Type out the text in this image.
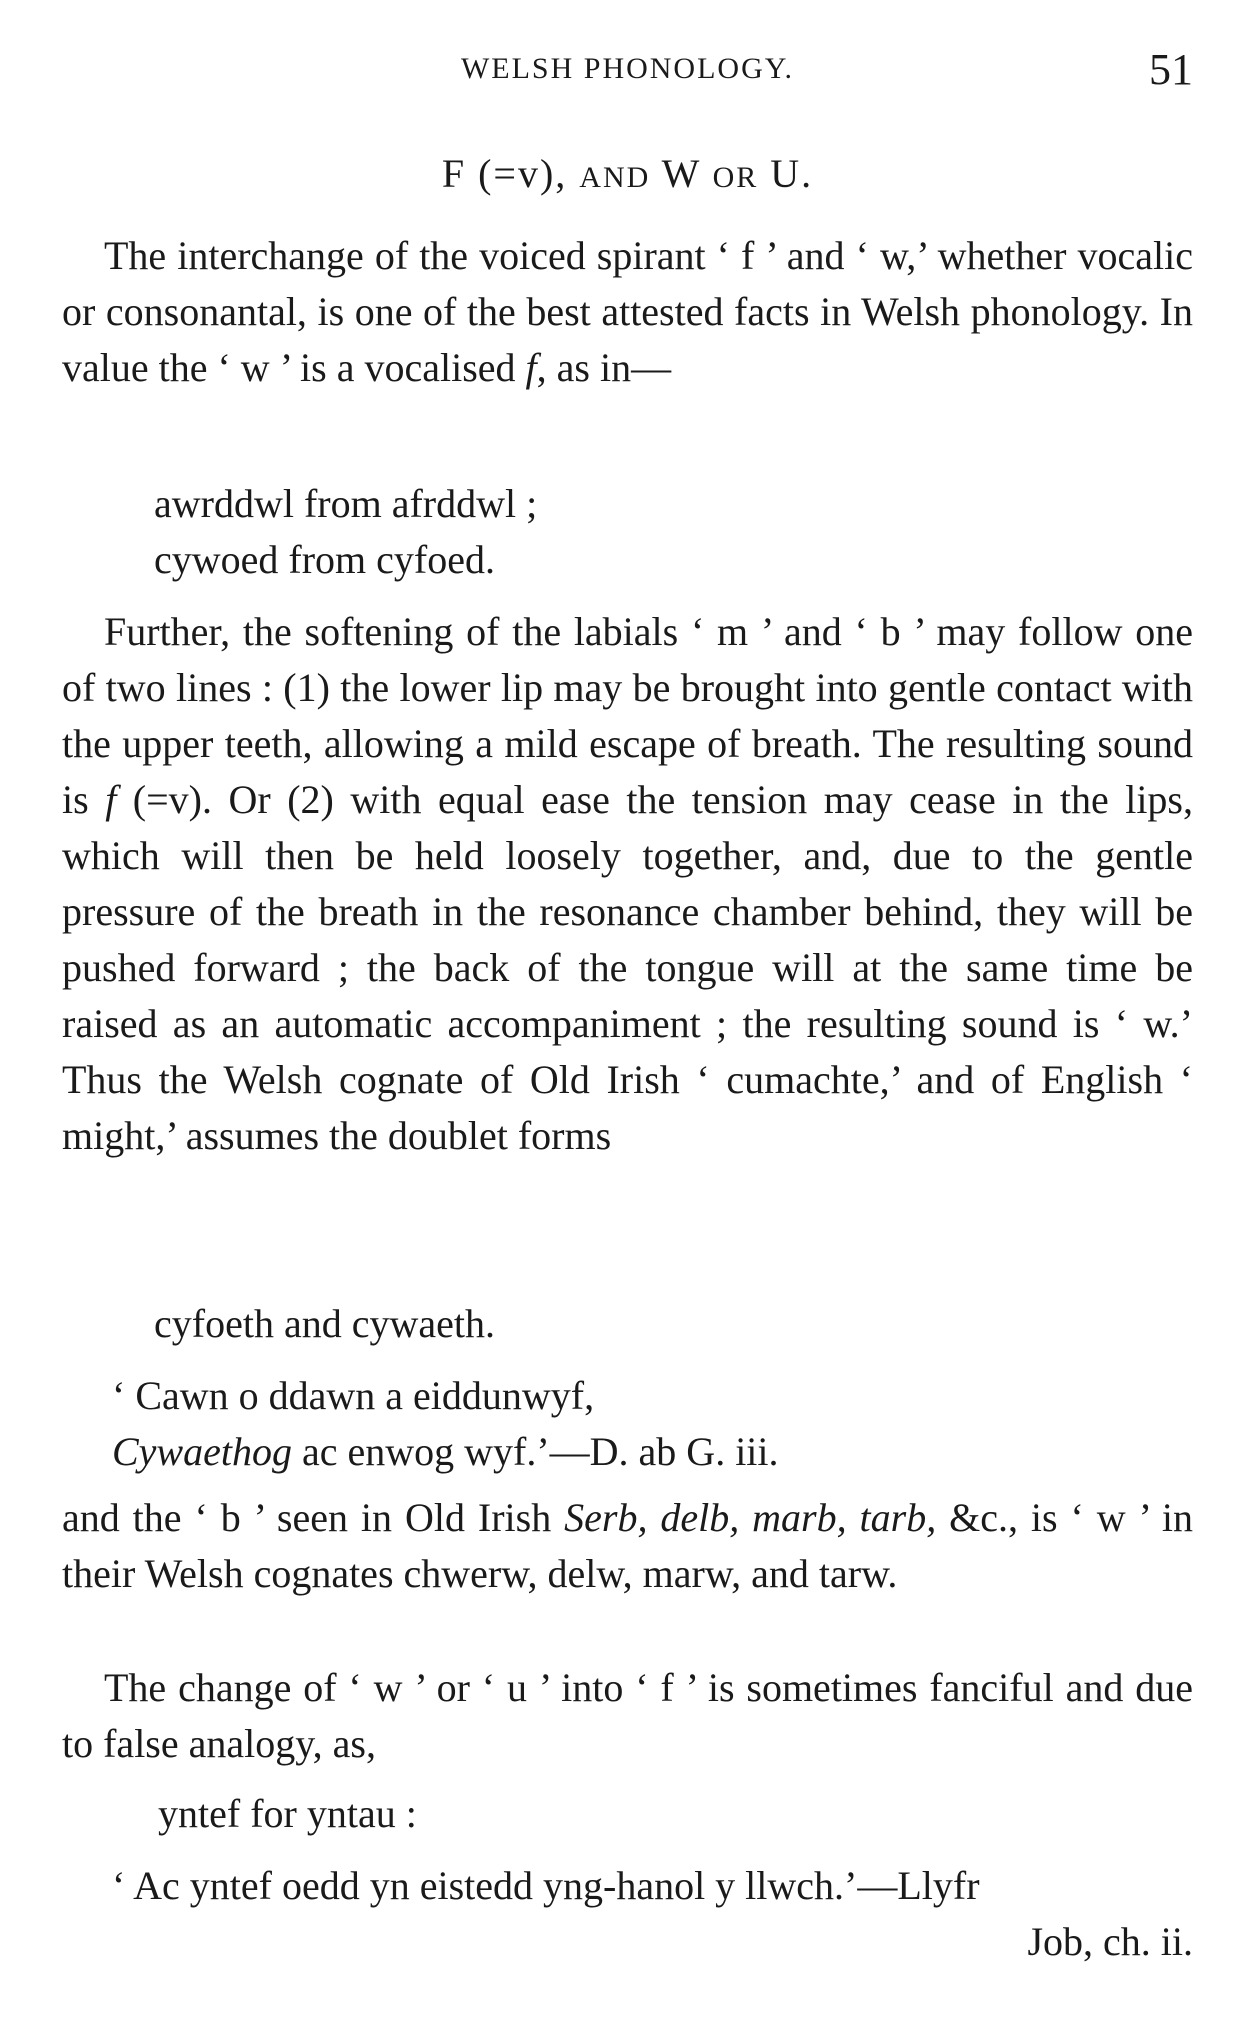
WELSH PHONOLOGY.	51
F (=v), AND W OR U.

The interchange of the voiced spirant ‘ f ’ and ‘ w,’ whether vocalic or consonantal, is one of the best attested facts in Welsh phonology. In value the ‘ w ’ is a vocalised f, as in—

awrddwl from afrddwl ;
cywoed from cyfoed.

Further, the softening of the labials ‘ m ’ and ‘ b ’ may follow one of two lines : (1) the lower lip may be brought into gentle contact with the upper teeth, allowing a mild escape of breath. The resulting sound is f (=v). Or (2) with equal ease the tension may cease in the lips, which will then be held loosely together, and, due to the gentle pressure of the breath in the resonance chamber behind, they will be pushed forward ; the back of the tongue will at the same time be raised as an automatic accompaniment ; the resulting sound is ‘ w.’ Thus the Welsh cognate of Old Irish ‘ cumachte,’ and of English ‘ might,’ assumes the doublet forms

cyfoeth and cywaeth.
‘ Cawn o ddawn a eiddunwyf,
Cywaethog ac enwog wyf.’—D. ab G. iii.

and the ‘ b ’ seen in Old Irish Serb, delb, marb, tarb, &c., is ‘ w ’ in their Welsh cognates chwerw, delw, marw, and tarw.

The change of ‘ w ’ or ‘ u ’ into ‘ f ’ is sometimes fanciful and due to false analogy, as,

yntef for yntau :
‘ Ac yntef oedd yn eistedd yng-hanol y llwch.’—Llyfr
Job, ch. ii.
